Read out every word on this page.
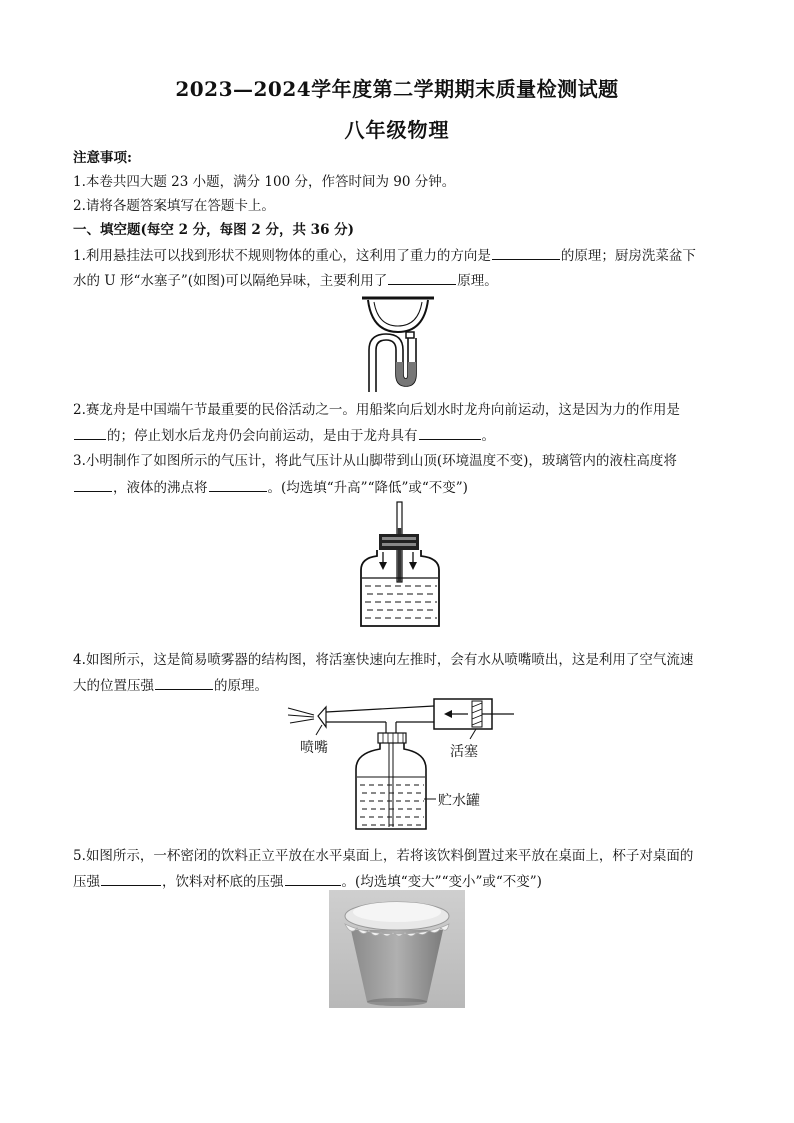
2023—2024学年度第二学期期末质量检测试题
八年级物理
注意事项:
1.本卷共四大题 23 小题，满分 100 分，作答时间为 90 分钟。
2.请将各题答案填写在答题卡上。
一、填空题(每空 2 分，每图 2 分，共 36 分)
1.利用悬挂法可以找到形状不规则物体的重心，这利用了重力的方向是	的原理；厨房洗菜盆下
水的 U 形“水塞子”(如图)可以隔绝异味，主要利用了	原理。
2.赛龙舟是中国端午节最重要的民俗活动之一。用船桨向后划水时龙舟向前运动，这是因为力的作用是
的；停止划水后龙舟仍会向前运动，是由于龙舟具有	。
3.小明制作了如图所示的气压计，将此气压计从山脚带到山顶(环境温度不变)，玻璃管内的液柱高度将
，液体的沸点将	。(均选填“升高”“降低”或“不变”)
4.如图所示，这是简易喷雾器的结构图，将活塞快速向左推时，会有水从喷嘴喷出，这是利用了空气流速
大的位置压强	的原理。
喷嘴	活塞
贮水罐
5.如图所示，一杯密闭的饮料正立平放在水平桌面上，若将该饮料倒置过来平放在桌面上，杯子对桌面的
压强	，饮料对杯底的压强	。(均选填“变大”“变小”或“不变”)
